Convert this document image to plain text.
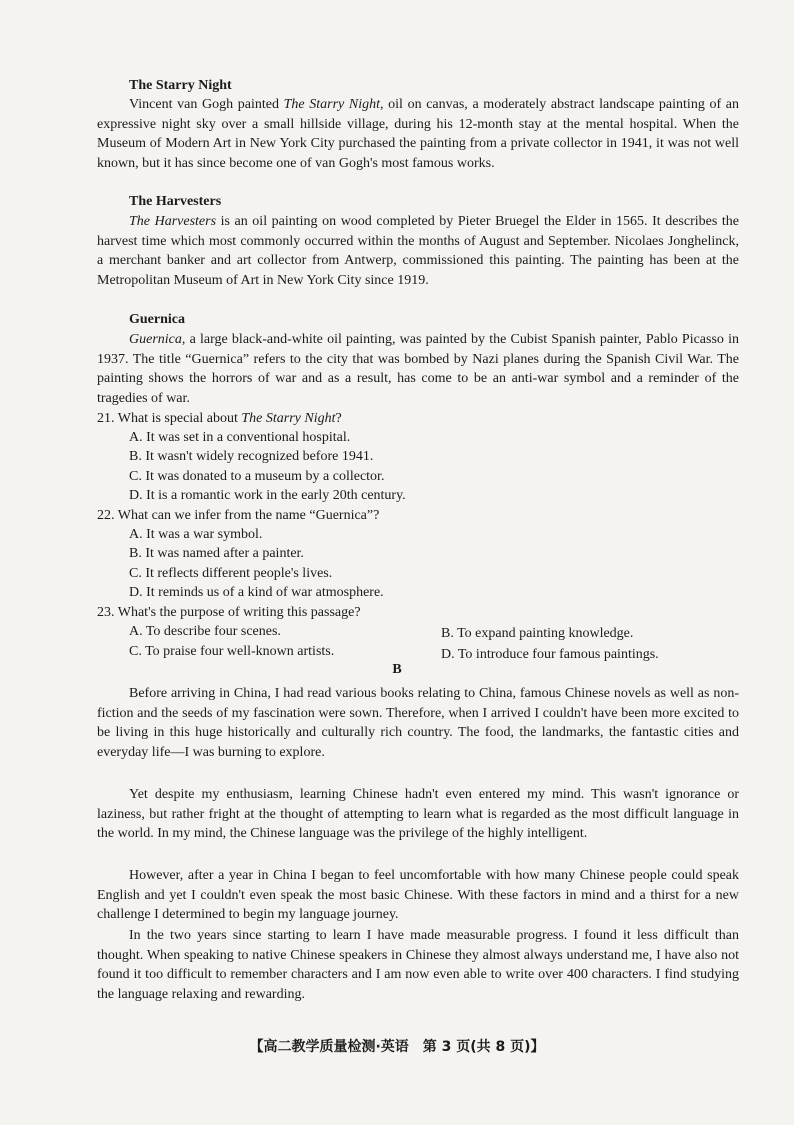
The Starry Night

Vincent van Gogh painted The Starry Night, oil on canvas, a moderately abstract landscape painting of an expressive night sky over a small hillside village, during his 12-month stay at the mental hospital. When the Museum of Modern Art in New York City purchased the painting from a private collector in 1941, it was not well known, but it has since become one of van Gogh's most famous works.

The Harvesters

The Harvesters is an oil painting on wood completed by Pieter Bruegel the Elder in 1565. It describes the harvest time which most commonly occurred within the months of August and September. Nicolaes Jonghelinck, a merchant banker and art collector from Antwerp, commissioned this painting. The painting has been at the Metropolitan Museum of Art in New York City since 1919.

Guernica

Guernica, a large black-and-white oil painting, was painted by the Cubist Spanish painter, Pablo Picasso in 1937. The title “Guernica” refers to the city that was bombed by Nazi planes during the Spanish Civil War. The painting shows the horrors of war and as a result, has come to be an anti-war symbol and a reminder of the tragedies of war.

21. What is special about The Starry Night?
A. It was set in a conventional hospital.
B. It wasn't widely recognized before 1941.
C. It was donated to a museum by a collector.
D. It is a romantic work in the early 20th century.
22. What can we infer from the name “Guernica”?
A. It was a war symbol.
B. It was named after a painter.
C. It reflects different people's lives.
D. It reminds us of a kind of war atmosphere.
23. What's the purpose of writing this passage?
A. To describe four scenes.	B. To expand painting knowledge.
C. To praise four well-known artists.	D. To introduce four famous paintings.
B

Before arriving in China, I had read various books relating to China, famous Chinese novels as well as non-fiction and the seeds of my fascination were sown. Therefore, when I arrived I couldn't have been more excited to be living in this huge historically and culturally rich country. The food, the landmarks, the fantastic cities and everyday life—I was burning to explore.

Yet despite my enthusiasm, learning Chinese hadn't even entered my mind. This wasn't ignorance or laziness, but rather fright at the thought of attempting to learn what is regarded as the most difficult language in the world. In my mind, the Chinese language was the privilege of the highly intelligent.

However, after a year in China I began to feel uncomfortable with how many Chinese people could speak English and yet I couldn't even speak the most basic Chinese. With these factors in mind and a thirst for a new challenge I determined to begin my language journey.

In the two years since starting to learn I have made measurable progress. I found it less difficult than thought. When speaking to native Chinese speakers in Chinese they almost always understand me, I have also not found it too difficult to remember characters and I am now even able to write over 400 characters. I find studying the language relaxing and rewarding.

【高二教学质量检测·英语　第 3 页(共 8 页)】
